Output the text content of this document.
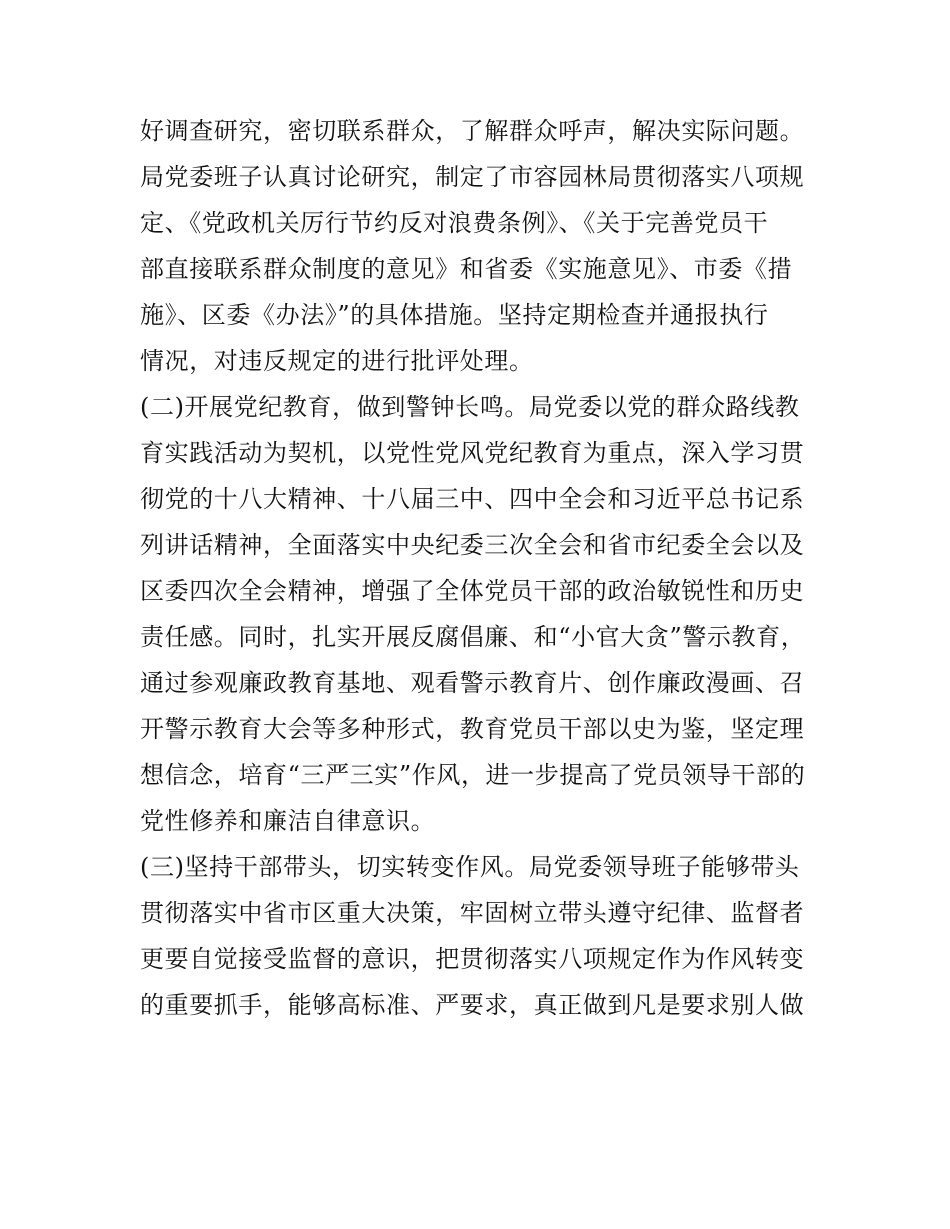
好调查研究，密切联系群众，了解群众呼声，解决实际问题。
局党委班子认真讨论研究，制定了市容园林局贯彻落实八项规
定、《党政机关厉行节约反对浪费条例》、《关于完善党员干
部直接联系群众制度的意见》和省委《实施意见》、市委《措
施》、区委《办法》”的具体措施。坚持定期检查并通报执行
情况，对违反规定的进行批评处理。
(二)开展党纪教育，做到警钟长鸣。局党委以党的群众路线教
育实践活动为契机，以党性党风党纪教育为重点，深入学习贯
彻党的十八大精神、十八届三中、四中全会和习近平总书记系
列讲话精神，全面落实中央纪委三次全会和省市纪委全会以及
区委四次全会精神，增强了全体党员干部的政治敏锐性和历史
责任感。同时，扎实开展反腐倡廉、和“小官大贪”警示教育，
通过参观廉政教育基地、观看警示教育片、创作廉政漫画、召
开警示教育大会等多种形式，教育党员干部以史为鉴，坚定理
想信念，培育“三严三实”作风，进一步提高了党员领导干部的
党性修养和廉洁自律意识。
(三)坚持干部带头，切实转变作风。局党委领导班子能够带头
贯彻落实中省市区重大决策，牢固树立带头遵守纪律、监督者
更要自觉接受监督的意识，把贯彻落实八项规定作为作风转变
的重要抓手，能够高标准、严要求，真正做到凡是要求别人做
